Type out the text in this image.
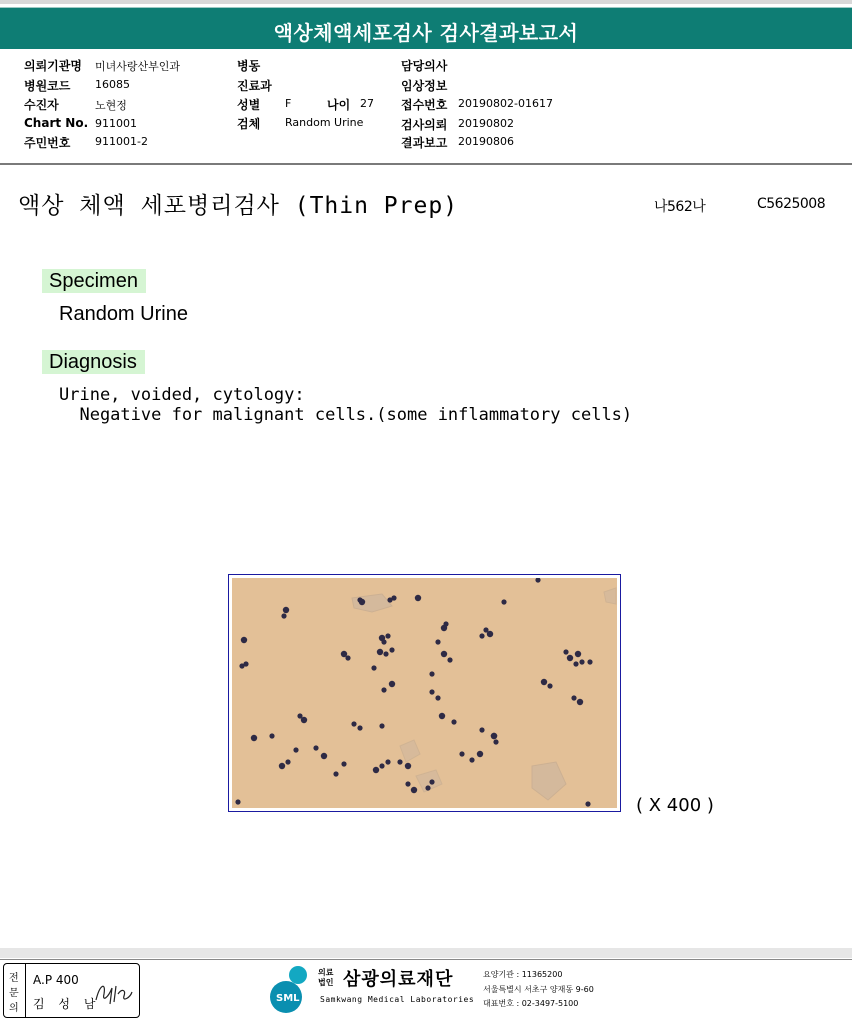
액상체액세포검사 검사결과보고서
의뢰기관명 미녀사랑산부인과
병원코드 16085
수진자	노현정
Chart No. 911001
주민번호 911001-2
병동
진료과
성별 F	나이 27
검체 Random Urine
담당의사
임상정보
접수번호 20190802-01617
검사의뢰 20190802
결과보고 20190806
액상 체액 세포병리검사 (Thin Prep)	나562나	C5625008
Specimen
Random Urine
Diagnosis
Urine, voided, cytology:
Negative for malignant cells.(some inflammatory cells)
( X 400 )
전
문
의
A.P 400
김 성 남	SML
의료
법인 삼광의료재단
Samkwang Medical Laboratories
요양기관 : 11365200
서울특별시 서초구 양재동 9-60
대표번호 : 02-3497-5100
